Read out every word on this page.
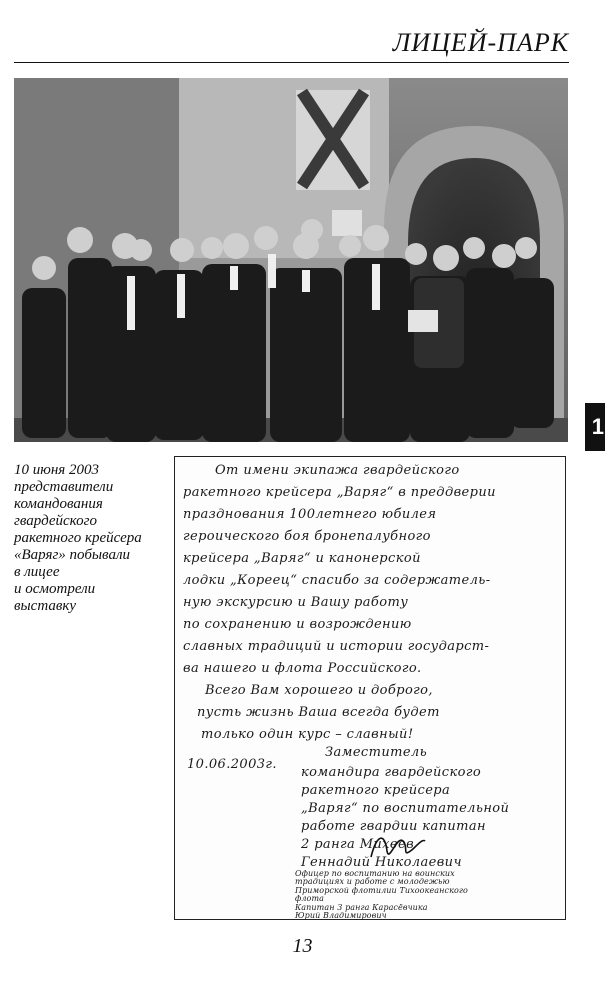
ЛИЦЕЙ-ПАРК
1
10 июня 2003
представители
командования
гвардейского
ракетного крейсера
«Варяг» побывали
в лицее
и осмотрели
выставку
От имени экипажа гвардейского
ракетного крейсера „Варяг“ в преддверии
празднования 100летнего юбилея
героического боя бронепалубного
крейсера „Варяг“ и канонерской
лодки „Кореец“ спасибо за содержатель-
ную экскурсию и Вашу работу
по сохранению и возрождению
славных традиций и истории государст-
ва нашего и флота Российского.
Всего Вам хорошего и доброго,
пусть жизнь Ваша всегда будет
только один курс – славный!
10.06.2003г.
Заместитель
командира гвардейского
ракетного крейсера
„Варяг“ по воспитательной
работе гвардии капитан
2 ранга Михеев
Геннадий Николаевич
Офицер по воспитанию на воинских
традициях и работе с молодежью
Приморской флотилии Тихоокеанского
флота
Капитан 3 ранга Карасёвчика
Юрий Владимирович
13
